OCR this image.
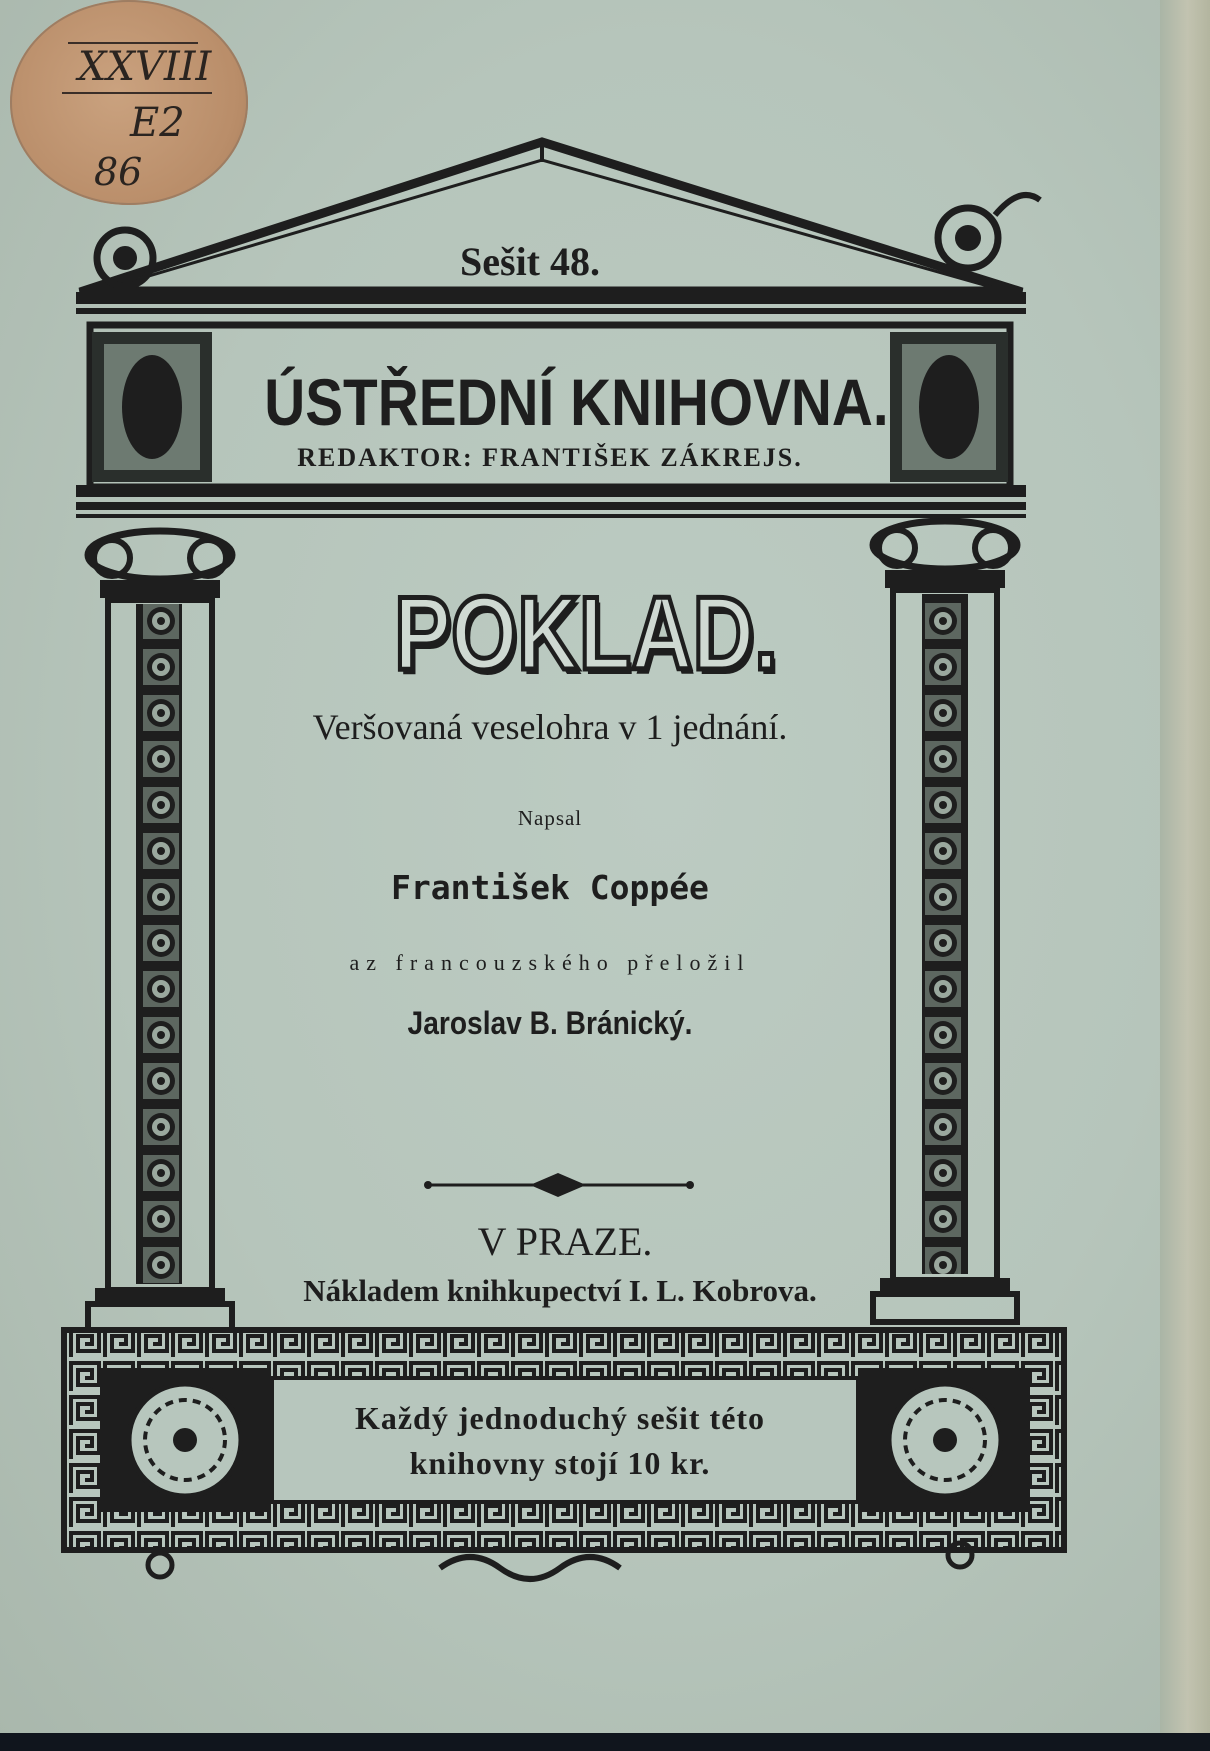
XXVIII
E2
86
Sešit 48.
ÚSTŘEDNÍ KNIHOVNA.
REDAKTOR: FRANTIŠEK ZÁKREJS.
POKLAD.
Veršovaná veselohra v 1 jednání.
Napsal
František Coppée
az francouzského přeložil
Jaroslav B. Bránický.
V PRAZE.
Nákladem knihkupectví I. L. Kobrova.
Každý jednoduchý sešit této
knihovny stojí 10 kr.
